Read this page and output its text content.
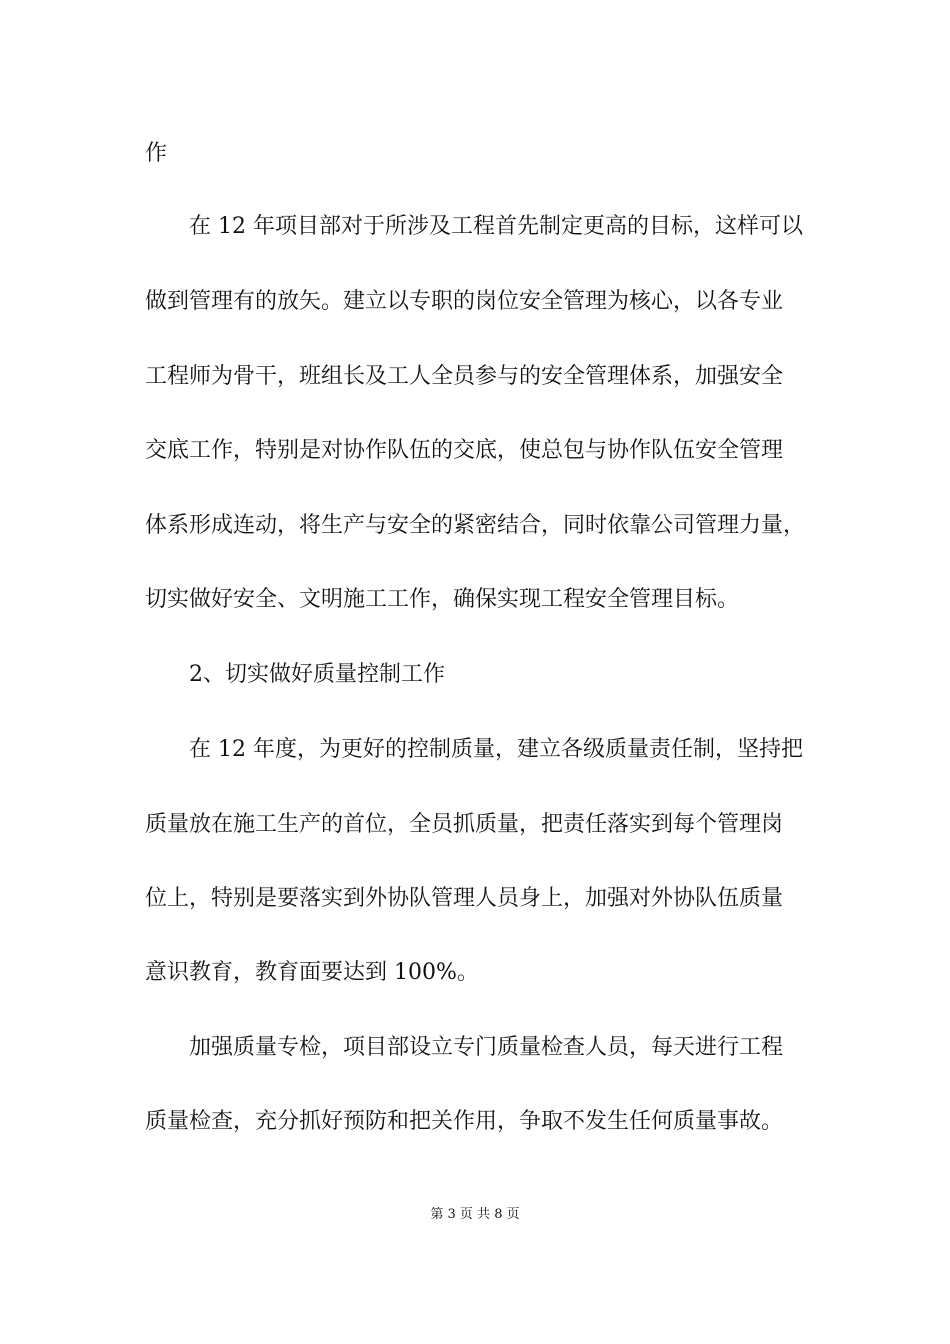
作
在 12 年项目部对于所涉及工程首先制定更高的目标，这样可以
做到管理有的放矢。建立以专职的岗位安全管理为核心，以各专业
工程师为骨干，班组长及工人全员参与的安全管理体系，加强安全
交底工作，特别是对协作队伍的交底，使总包与协作队伍安全管理
体系形成连动，将生产与安全的紧密结合，同时依靠公司管理力量，
切实做好安全、文明施工工作，确保实现工程安全管理目标。
2、切实做好质量控制工作
在 12 年度，为更好的控制质量，建立各级质量责任制，坚持把
质量放在施工生产的首位，全员抓质量，把责任落实到每个管理岗
位上，特别是要落实到外协队管理人员身上，加强对外协队伍质量
意识教育，教育面要达到 100%。
加强质量专检，项目部设立专门质量检查人员，每天进行工程
质量检查，充分抓好预防和把关作用，争取不发生任何质量事故。
第 3 页 共 8 页
